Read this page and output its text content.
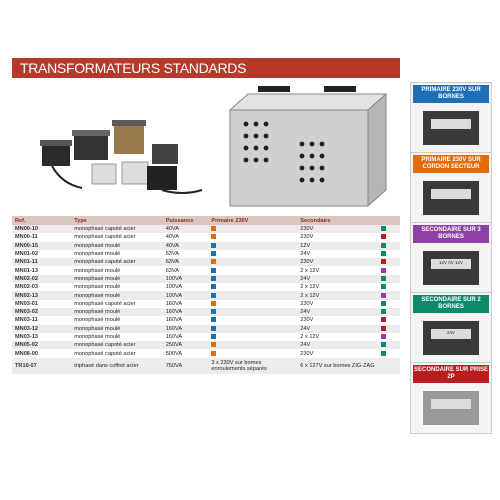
TRANSFORMATEURS STANDARDS
Ref.	Type	Puissance	Primaire 230V	Secondaire	
MN00-10	monophasé capoté acier	40VA		230V	
MN00-11	monophasé capoté acier	40VA		230V	
MN00-15	monophasé moulé	40VA		12V	
MN01-02	monophasé moulé	63VA		24V	
MN01-11	monophasé capoté acier	63VA		230V	
MN01-13	monophasé moulé	63VA		2 x 12V	
MN02-02	monophasé moulé	100VA		24V	
MN02-03	monophasé moulé	100VA		2 x 12V	
MN02-13	monophasé moulé	100VA		2 x 12V	
MN03-01	monophasé capoté acier	160VA		230V	
MN03-02	monophasé moulé	160VA		24V	
MN03-11	monophasé moulé	160VA		230V	
MN03-12	monophasé moulé	160VA		24V	
MN03-13	monophasé moulé	160VA		2 x 12V	
MN05-02	monophasé capoté acier	250VA		24V	
MN08-00	monophasé capoté acier	500VA		230V	
TR10-07	triphasé dans coffret acier	750VA	3 x 230V sur bornes enroulements séparés	6 x 127V sur bornes ZIG-ZAG	
PRIMAIRE 230V SUR BORNES
PRIMAIRE 230V SUR CORDON SECTEUR
SECONDAIRE SUR 3 BORNES
12V 0V 12V
SECONDAIRE SUR 2 BORNES
24V
SECONDAIRE SUR PRISE 2P
